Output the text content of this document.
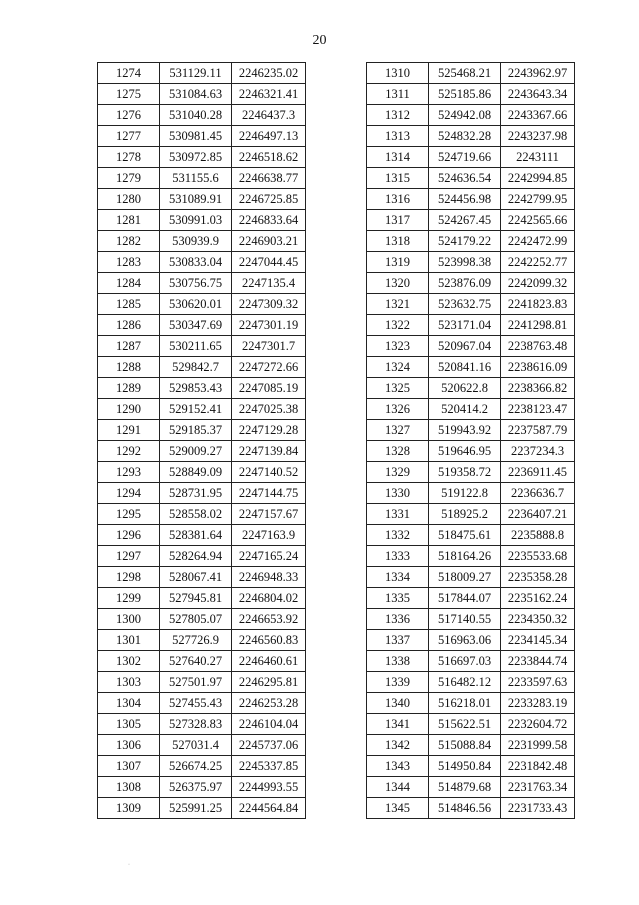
20
1274	531129.11	2246235.02
1275	531084.63	2246321.41
1276	531040.28	2246437.3
1277	530981.45	2246497.13
1278	530972.85	2246518.62
1279	531155.6	2246638.77
1280	531089.91	2246725.85
1281	530991.03	2246833.64
1282	530939.9	2246903.21
1283	530833.04	2247044.45
1284	530756.75	2247135.4
1285	530620.01	2247309.32
1286	530347.69	2247301.19
1287	530211.65	2247301.7
1288	529842.7	2247272.66
1289	529853.43	2247085.19
1290	529152.41	2247025.38
1291	529185.37	2247129.28
1292	529009.27	2247139.84
1293	528849.09	2247140.52
1294	528731.95	2247144.75
1295	528558.02	2247157.67
1296	528381.64	2247163.9
1297	528264.94	2247165.24
1298	528067.41	2246948.33
1299	527945.81	2246804.02
1300	527805.07	2246653.92
1301	527726.9	2246560.83
1302	527640.27	2246460.61
1303	527501.97	2246295.81
1304	527455.43	2246253.28
1305	527328.83	2246104.04
1306	527031.4	2245737.06
1307	526674.25	2245337.85
1308	526375.97	2244993.55
1309	525991.25	2244564.84
1310	525468.21	2243962.97
1311	525185.86	2243643.34
1312	524942.08	2243367.66
1313	524832.28	2243237.98
1314	524719.66	2243111
1315	524636.54	2242994.85
1316	524456.98	2242799.95
1317	524267.45	2242565.66
1318	524179.22	2242472.99
1319	523998.38	2242252.77
1320	523876.09	2242099.32
1321	523632.75	2241823.83
1322	523171.04	2241298.81
1323	520967.04	2238763.48
1324	520841.16	2238616.09
1325	520622.8	2238366.82
1326	520414.2	2238123.47
1327	519943.92	2237587.79
1328	519646.95	2237234.3
1329	519358.72	2236911.45
1330	519122.8	2236636.7
1331	518925.2	2236407.21
1332	518475.61	2235888.8
1333	518164.26	2235533.68
1334	518009.27	2235358.28
1335	517844.07	2235162.24
1336	517140.55	2234350.32
1337	516963.06	2234145.34
1338	516697.03	2233844.74
1339	516482.12	2233597.63
1340	516218.01	2233283.19
1341	515622.51	2232604.72
1342	515088.84	2231999.58
1343	514950.84	2231842.48
1344	514879.68	2231763.34
1345	514846.56	2231733.43
·
